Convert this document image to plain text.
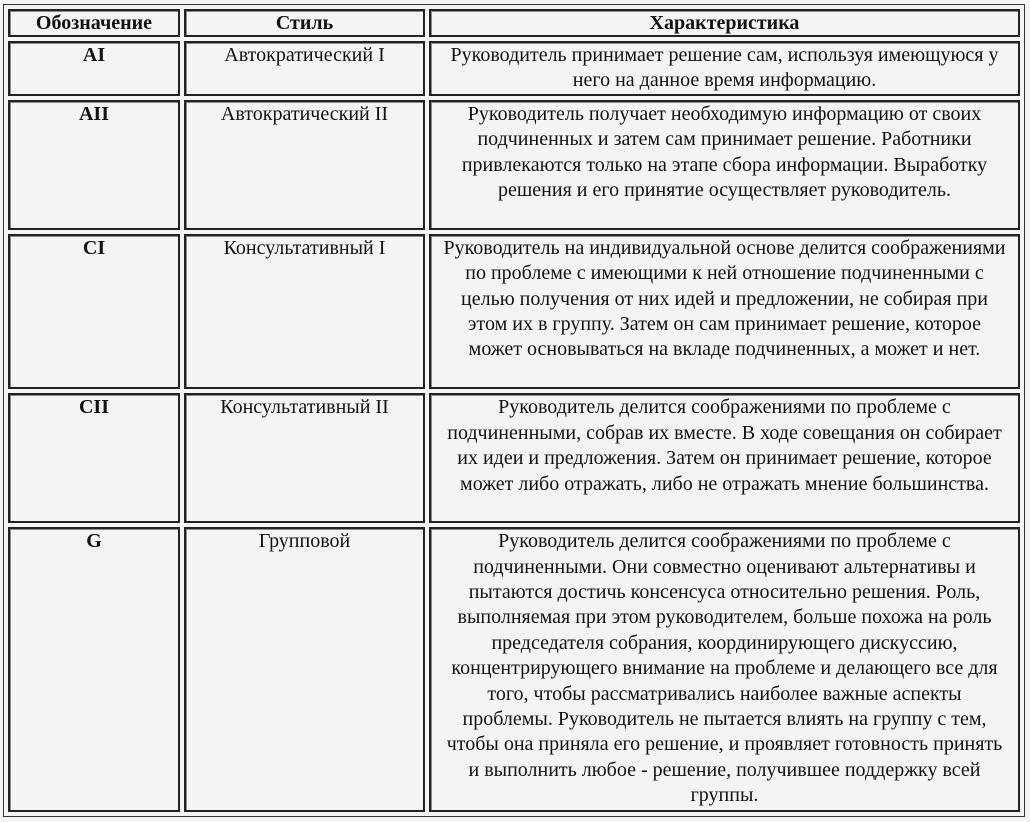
Обозначение	Стиль	Характеристика
AI	Автократический I	Руководитель принимает решение сам, используя имеющуюся у него на данное время информацию.
AII	Автократический II	Руководитель получает необходимую информацию от своих подчиненных и затем сам принимает решение. Работники привлекаются только на этапе сбора информации. Выработку решения и его принятие осуществляет руководитель.
CI	Консультативный I	Руководитель на индивидуальной основе делится соображениями по проблеме с имеющими к ней отношение подчиненными с целью получения от них идей и предложении, не собирая при этом их в группу. Затем он сам принимает решение, которое может основываться на вкладе подчиненных, а может и нет.
CII	Консультативный II	Руководитель делится соображениями по проблеме с подчиненными, собрав их вместе. В ходе совещания он собирает их идеи и предложения. Затем он принимает решение, которое может либо отражать, либо не отражать мнение большинства.
G	Групповой	Руководитель делится соображениями по проблеме с подчиненными. Они совместно оценивают альтернативы и пытаются достичь консенсуса относительно решения. Роль, выполняемая при этом руководителем, больше похожа на роль председателя собрания, координирующего дискуссию, концентрирующего внимание на проблеме и делающего все для того, чтобы рассматривались наиболее важные аспекты проблемы. Руководитель не пытается влиять на группу с тем, чтобы она приняла его решение, и проявляет готовность принять и выполнить любое - решение, получившее поддержку всей группы.
